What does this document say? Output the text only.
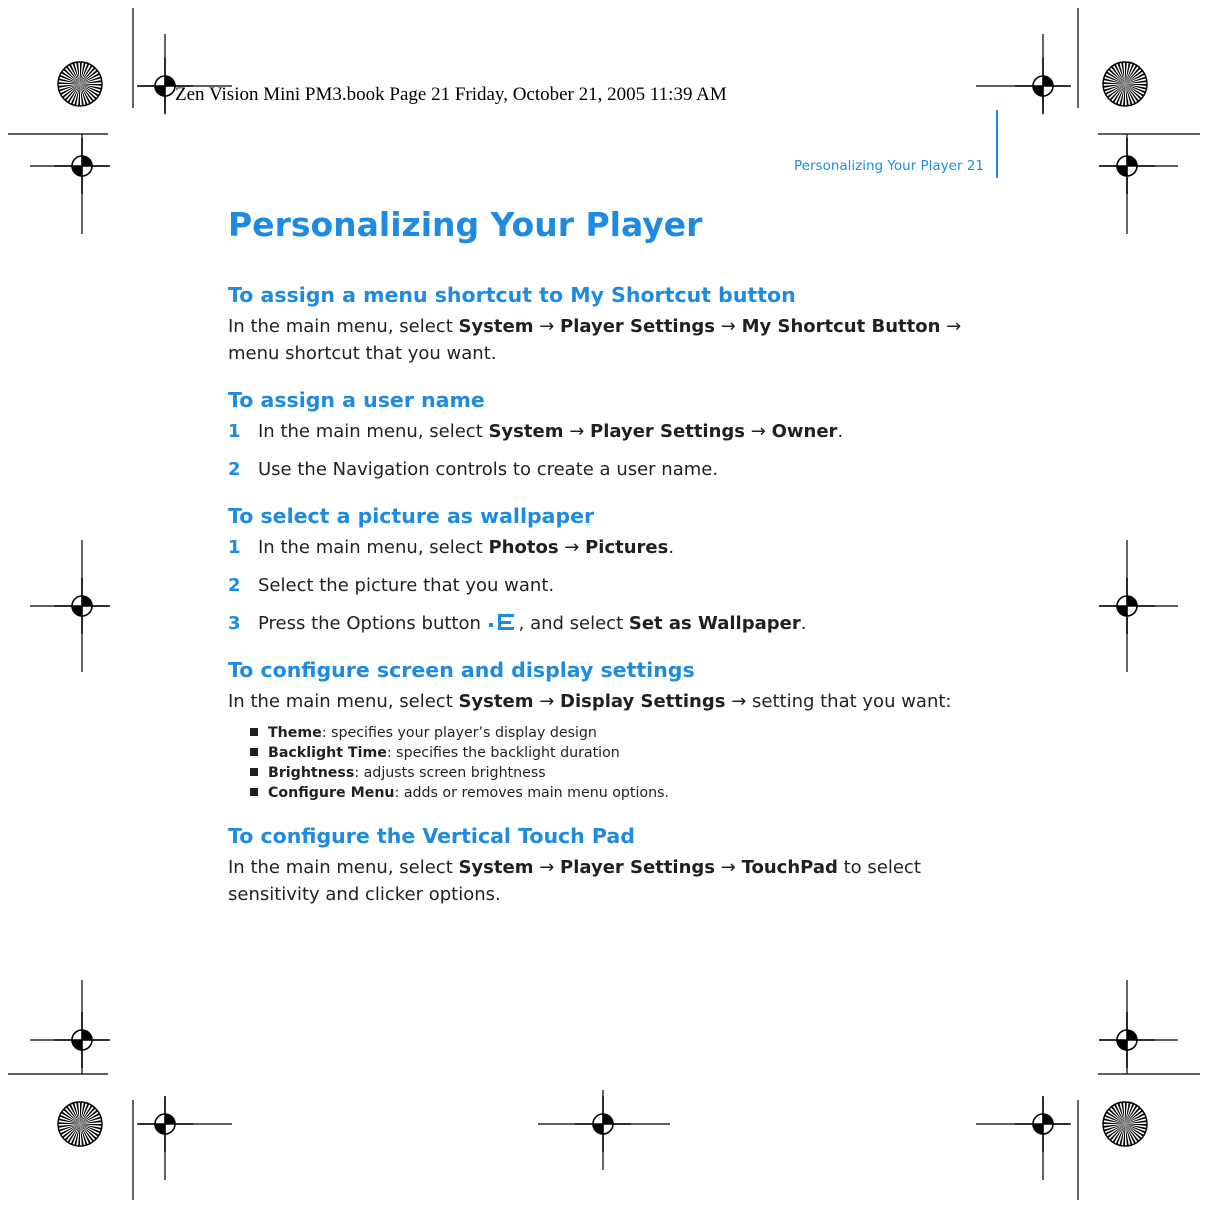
Zen Vision Mini PM3.book Page 21 Friday, October 21, 2005 11:39 AM
Personalizing Your Player 21
Personalizing Your Player
To assign a menu shortcut to My Shortcut button

In the main menu, select System → Player Settings → My Shortcut Button →
menu shortcut that you want.

To assign a user name
1 In the main menu, select System → Player Settings → Owner.
2 Use the Navigation controls to create a user name.
To select a picture as wallpaper
1 In the main menu, select Photos → Pictures.
2 Select the picture that you want.
3 Press the Options button , and select Set as Wallpaper.
To configure screen and display settings

In the main menu, select System → Display Settings → setting that you want:

Theme: specifies your player’s display design
Backlight Time: specifies the backlight duration
Brightness: adjusts screen brightness
Configure Menu: adds or removes main menu options.
To configure the Vertical Touch Pad

In the main menu, select System → Player Settings → TouchPad to select
sensitivity and clicker options.
